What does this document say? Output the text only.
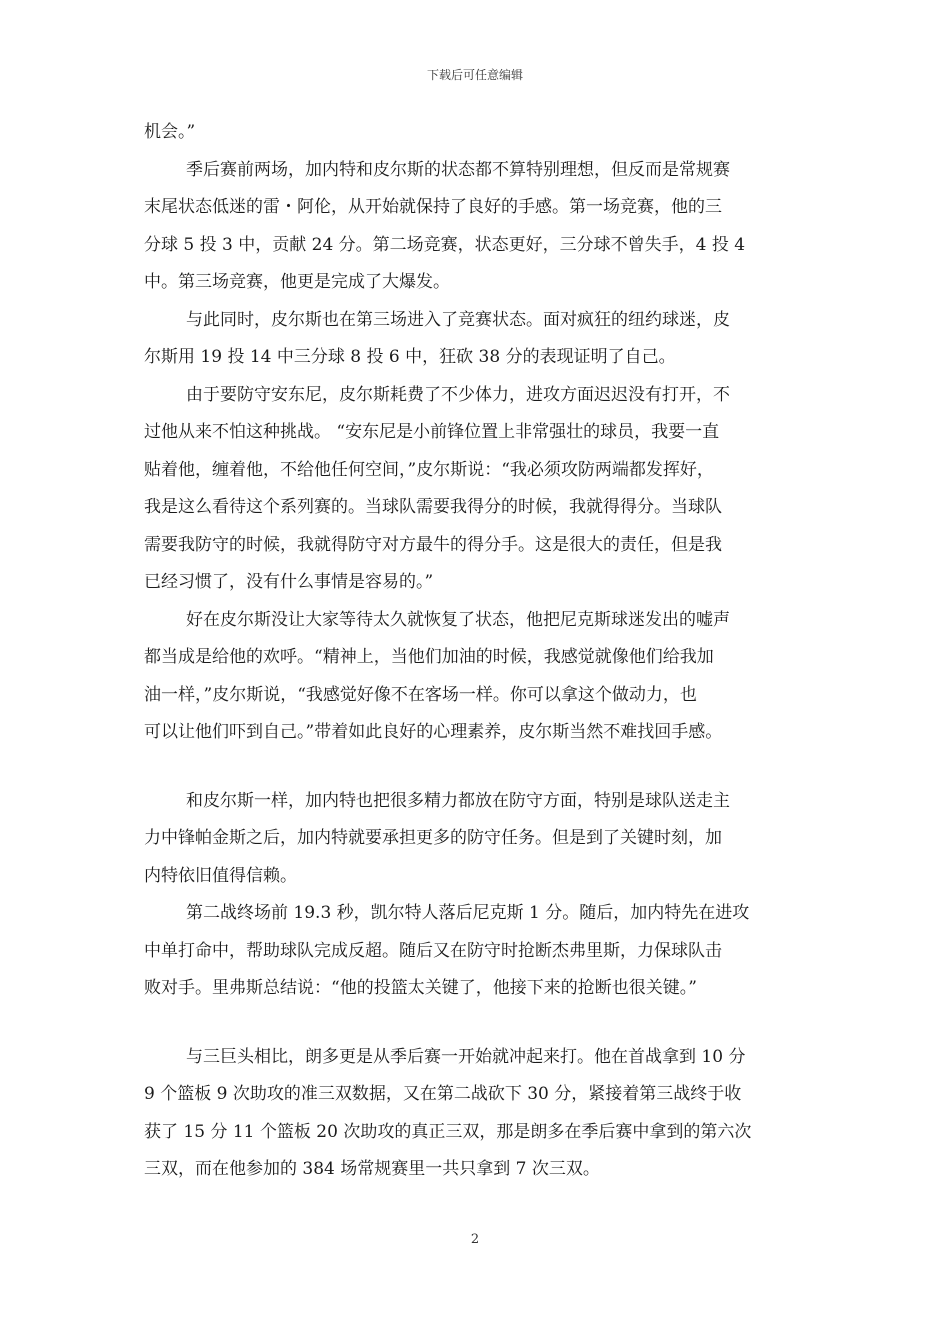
下载后可任意编辑
机会。”
季后赛前两场，加内特和皮尔斯的状态都不算特别理想，但反而是常规赛
末尾状态低迷的雷・阿伦，从开始就保持了良好的手感。第一场竞赛，他的三
分球 5 投 3 中，贡献 24 分。第二场竞赛，状态更好，三分球不曾失手，4 投 4
中。第三场竞赛，他更是完成了大爆发。
与此同时，皮尔斯也在第三场进入了竞赛状态。面对疯狂的纽约球迷，皮
尔斯用 19 投 14 中三分球 8 投 6 中，狂砍 38 分的表现证明了自己。
由于要防守安东尼，皮尔斯耗费了不少体力，进攻方面迟迟没有打开，不
过他从来不怕这种挑战。 “安东尼是小前锋位置上非常强壮的球员，我要一直
贴着他，缠着他，不给他任何空间，”皮尔斯说：“我必须攻防两端都发挥好，
我是这么看待这个系列赛的。当球队需要我得分的时候，我就得得分。当球队
需要我防守的时候，我就得防守对方最牛的得分手。这是很大的责任，但是我
已经习惯了，没有什么事情是容易的。”
好在皮尔斯没让大家等待太久就恢复了状态，他把尼克斯球迷发出的嘘声
都当成是给他的欢呼。“精神上，当他们加油的时候，我感觉就像他们给我加
油一样，”皮尔斯说，“我感觉好像不在客场一样。你可以拿这个做动力，也
可以让他们吓到自己。”带着如此良好的心理素养，皮尔斯当然不难找回手感。
和皮尔斯一样，加内特也把很多精力都放在防守方面，特别是球队送走主
力中锋帕金斯之后，加内特就要承担更多的防守任务。但是到了关键时刻，加
内特依旧值得信赖。
第二战终场前 19.3 秒，凯尔特人落后尼克斯 1 分。随后，加内特先在进攻
中单打命中，帮助球队完成反超。随后又在防守时抢断杰弗里斯，力保球队击
败对手。里弗斯总结说：“他的投篮太关键了，他接下来的抢断也很关键。”
与三巨头相比，朗多更是从季后赛一开始就冲起来打。他在首战拿到 10 分
9 个篮板 9 次助攻的准三双数据，又在第二战砍下 30 分，紧接着第三战终于收
获了 15 分 11 个篮板 20 次助攻的真正三双，那是朗多在季后赛中拿到的第六次
三双，而在他参加的 384 场常规赛里一共只拿到 7 次三双。
2
